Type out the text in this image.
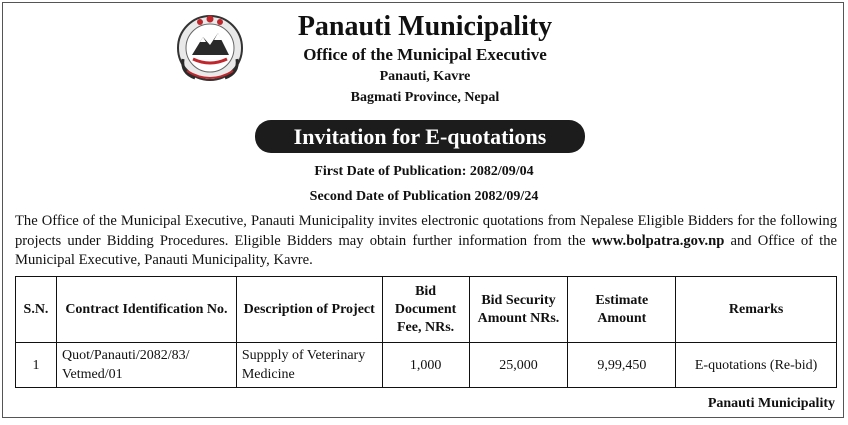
Panauti Municipality
Office of the Municipal Executive
Panauti, Kavre
Bagmati Province, Nepal
Invitation for E-quotations
First Date of Publication: 2082/09/04
Second Date of Publication 2082/09/24
The Office of the Municipal Executive, Panauti Municipality invites electronic quotations from Nepalese Eligible Bidders for the following projects under Bidding Procedures. Eligible Bidders may obtain further information from the www.bolpatra.gov.np and Office of the Municipal Executive, Panauti Municipality, Kavre.
S.N.	Contract Identification No.	Description of Project	Bid Document Fee, NRs.	Bid Security Amount NRs.	Estimate Amount	Remarks
1	Quot/Panauti/2082/83/ Vetmed/01	Suppply of Veterinary Medicine	1,000	25,000	9,99,450	E-quotations (Re-bid)
Panauti Municipality
